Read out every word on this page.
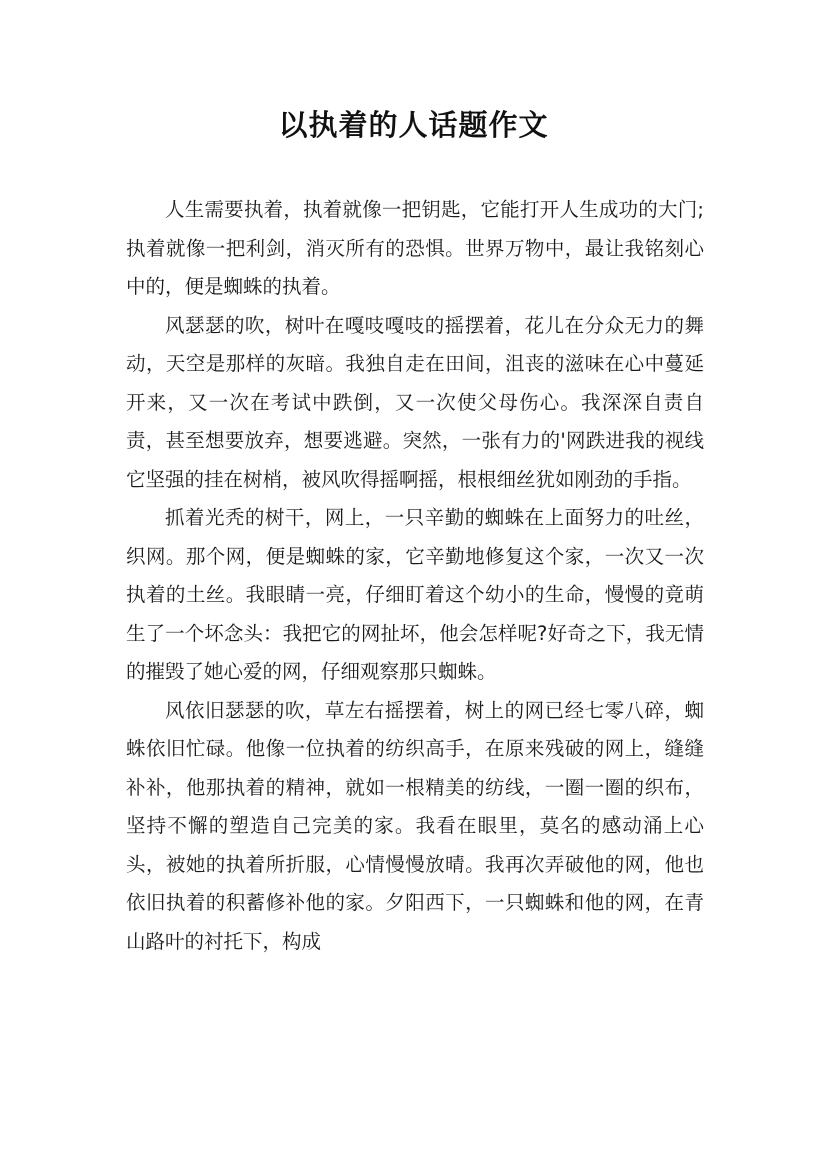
以执着的人话题作文

人生需要执着，执着就像一把钥匙，它能打开人生成功的大门;执着就像一把利剑，消灭所有的恐惧。世界万物中，最让我铭刻心中的，便是蜘蛛的执着。

风瑟瑟的吹，树叶在嘎吱嘎吱的摇摆着，花儿在分众无力的舞动，天空是那样的灰暗。我独自走在田间，沮丧的滋味在心中蔓延开来，又一次在考试中跌倒，又一次使父母伤心。我深深自责自责，甚至想要放弃，想要逃避。突然，一张有力的'网跌进我的视线它坚强的挂在树梢，被风吹得摇啊摇，根根细丝犹如刚劲的手指。

抓着光秃的树干，网上，一只辛勤的蜘蛛在上面努力的吐丝，织网。那个网，便是蜘蛛的家，它辛勤地修复这个家，一次又一次执着的土丝。我眼睛一亮，仔细盯着这个幼小的生命，慢慢的竟萌生了一个坏念头：我把它的网扯坏，他会怎样呢?好奇之下，我无情的摧毁了她心爱的网，仔细观察那只蜘蛛。

风依旧瑟瑟的吹，草左右摇摆着，树上的网已经七零八碎，蜘蛛依旧忙碌。他像一位执着的纺织高手，在原来残破的网上，缝缝补补，他那执着的精神，就如一根精美的纺线，一圈一圈的织布，坚持不懈的塑造自己完美的家。我看在眼里，莫名的感动涌上心头，被她的执着所折服，心情慢慢放晴。我再次弄破他的网，他也依旧执着的积蓄修补他的家。夕阳西下，一只蜘蛛和他的网，在青山路叶的衬托下，构成
